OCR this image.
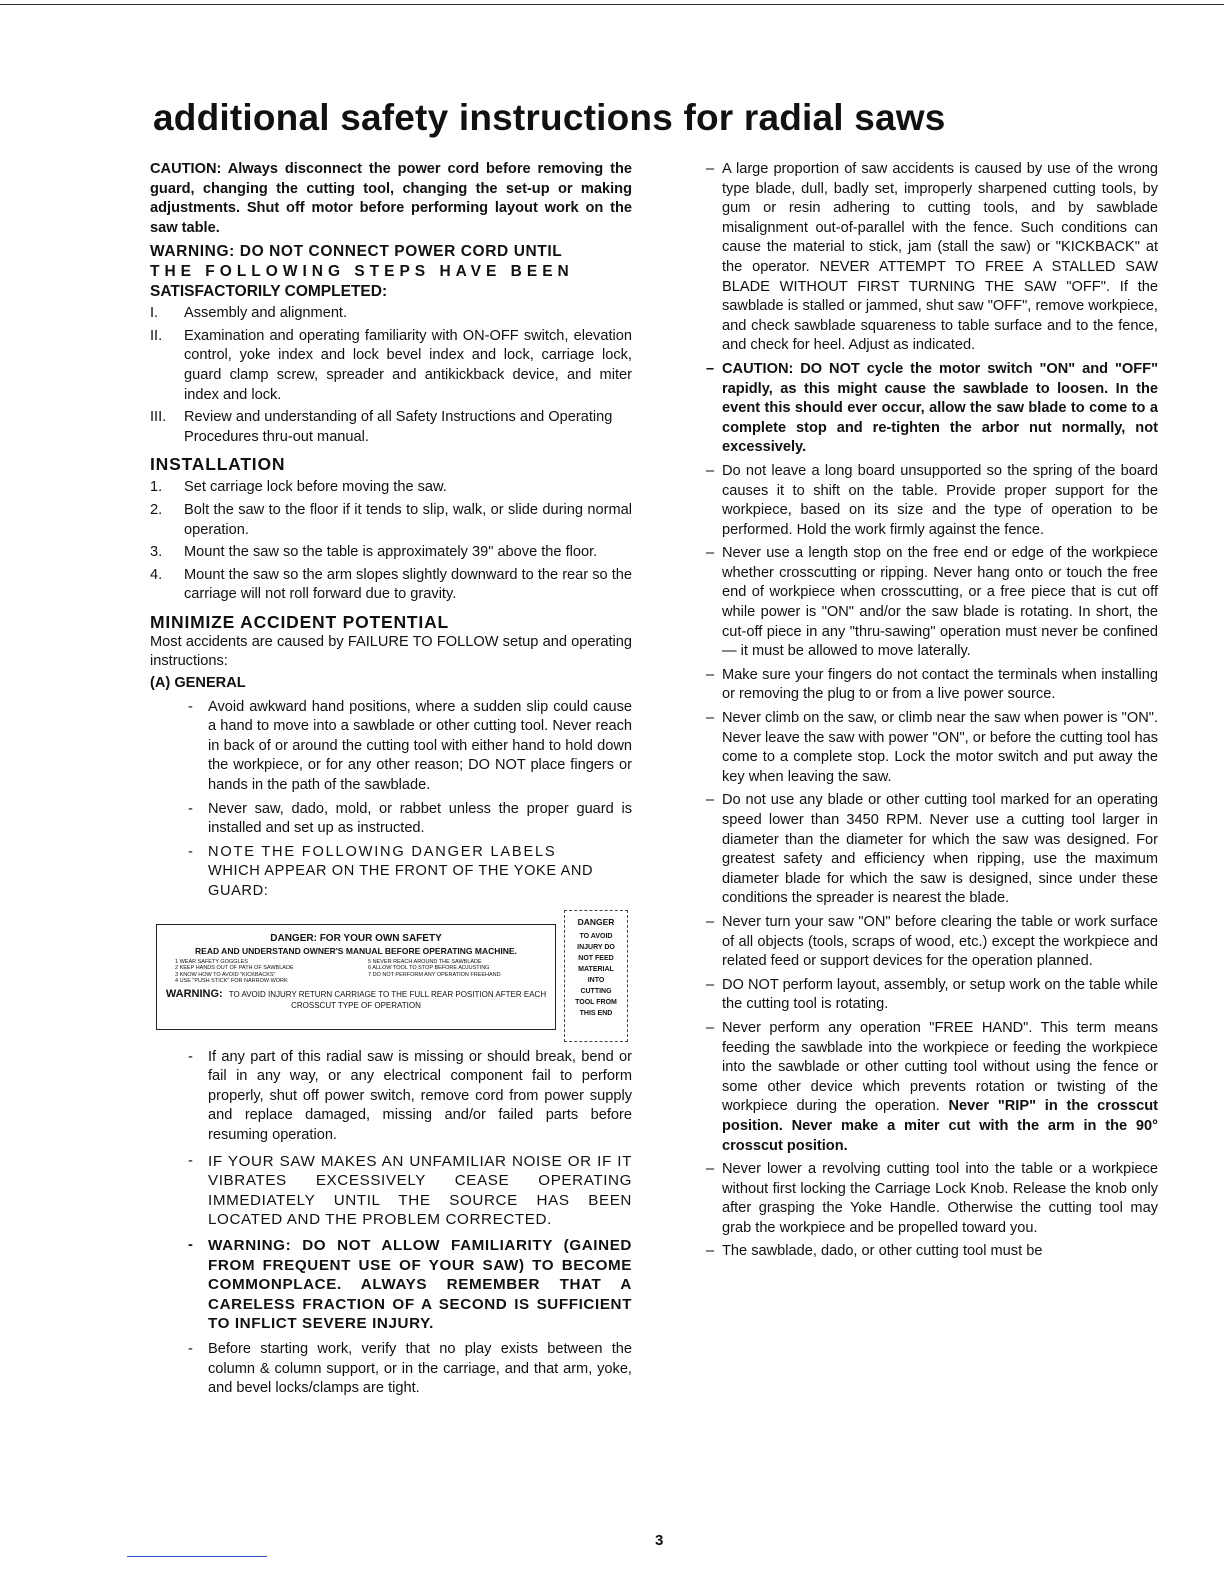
additional safety instructions for radial saws

CAUTION: Always disconnect the power cord before removing the guard, changing the cutting tool, changing the set-up or making adjustments. Shut off motor before performing layout work on the saw table.

WARNING: DO NOT CONNECT POWER CORD UNTIL

THE FOLLOWING STEPS HAVE BEEN

SATISFACTORILY COMPLETED:

I.	Assembly and alignment.
II.	Examination and operating familiarity with ON-OFF switch, elevation control, yoke index and lock bevel index and lock, carriage lock, guard clamp screw, spreader and antikickback device, and miter index and lock.
III.	Review and understanding of all Safety Instructions and Operating Procedures thru-out manual.

INSTALLATION

1.	Set carriage lock before moving the saw.
2.	Bolt the saw to the floor if it tends to slip, walk, or slide during normal operation.
3.	Mount the saw so the table is approximately 39" above the floor.
4.	Mount the saw so the arm slopes slightly downward to the rear so the carriage will not roll forward due to gravity.

MINIMIZE ACCIDENT POTENTIAL

Most accidents are caused by FAILURE TO FOLLOW setup and operating instructions:

(A) GENERAL

-	Avoid awkward hand positions, where a sudden slip could cause a hand to move into a sawblade or other cutting tool. Never reach in back of or around the cutting tool with either hand to hold down the workpiece, or for any other reason; DO NOT place fingers or hands in the path of the sawblade.
-	Never saw, dado, mold, or rabbet unless the proper guard is installed and set up as instructed.
-	NOTE THE FOLLOWING DANGER LABELS
WHICH APPEAR ON THE FRONT OF THE YOKE AND GUARD:
DANGER: FOR YOUR OWN SAFETY
READ AND UNDERSTAND OWNER'S MANUAL BEFORE OPERATING MACHINE.
1 WEAR SAFETY GOGGLES
2 KEEP HANDS OUT OF PATH OF SAWBLADE
3 KNOW HOW TO AVOID "KICKBACKS"
4 USE "PUSH STICK" FOR NARROW WORK
5 NEVER REACH AROUND THE SAWBLADE
6 ALLOW TOOL TO STOP BEFORE ADJUSTING
7 DO NOT PERFORM ANY OPERATION FREEHAND
WARNING: TO AVOID INJURY RETURN CARRIAGE TO THE FULL REAR POSITION AFTER EACH CROSSCUT TYPE OF OPERATION
DANGER
TO AVOID
INJURY DO
NOT FEED
MATERIAL
INTO
CUTTING
TOOL FROM
THIS END
-	If any part of this radial saw is missing or should break, bend or fail in any way, or any electrical component fail to perform properly, shut off power switch, remove cord from power supply and replace damaged, missing and/or failed parts before resuming operation.
- IF YOUR SAW MAKES AN UNFAMILIAR NOISE OR IF IT VIBRATES EXCESSIVELY CEASE OPERATING IMMEDIATELY UNTIL THE SOURCE HAS BEEN LOCATED AND THE PROBLEM CORRECTED.
- WARNING: DO NOT ALLOW FAMILIARITY (GAINED FROM FREQUENT USE OF YOUR SAW) TO BECOME COMMONPLACE. ALWAYS REMEMBER THAT A CARELESS FRACTION OF A SECOND IS SUFFICIENT TO INFLICT SEVERE INJURY.
-	Before starting work, verify that no play exists between the column & column support, or in the carriage, and that arm, yoke, and bevel locks/clamps are tight.
– A large proportion of saw accidents is caused by use of the wrong type blade, dull, badly set, improperly sharpened cutting tools, by gum or resin adhering to cutting tools, and by sawblade misalignment out-of-parallel with the fence. Such conditions can cause the material to stick, jam (stall the saw) or "KICKBACK" at the operator. NEVER ATTEMPT TO FREE A STALLED SAW BLADE WITHOUT FIRST TURNING THE SAW "OFF". If the sawblade is stalled or jammed, shut saw "OFF", remove workpiece, and check sawblade squareness to table surface and to the fence, and check for heel. Adjust as indicated.
– CAUTION: DO NOT cycle the motor switch "ON" and "OFF" rapidly, as this might cause the sawblade to loosen. In the event this should ever occur, allow the saw blade to come to a complete stop and re-tighten the arbor nut normally, not excessively.
– Do not leave a long board unsupported so the spring of the board causes it to shift on the table. Provide proper support for the workpiece, based on its size and the type of operation to be performed. Hold the work firmly against the fence.
– Never use a length stop on the free end or edge of the workpiece whether crosscutting or ripping. Never hang onto or touch the free end of workpiece when crosscutting, or a free piece that is cut off while power is "ON" and/or the saw blade is rotating. In short, the cut-off piece in any "thru-sawing" operation must never be confined — it must be allowed to move laterally.
– Make sure your fingers do not contact the terminals when installing or removing the plug to or from a live power source.
– Never climb on the saw, or climb near the saw when power is "ON". Never leave the saw with power "ON", or before the cutting tool has come to a complete stop. Lock the motor switch and put away the key when leaving the saw.
– Do not use any blade or other cutting tool marked for an operating speed lower than 3450 RPM. Never use a cutting tool larger in diameter than the diameter for which the saw was designed. For greatest safety and efficiency when ripping, use the maximum diameter blade for which the saw is designed, since under these conditions the spreader is nearest the blade.
– Never turn your saw "ON" before clearing the table or work surface of all objects (tools, scraps of wood, etc.) except the workpiece and related feed or support devices for the operation planned.
– DO NOT perform layout, assembly, or setup work on the table while the cutting tool is rotating.
– Never perform any operation "FREE HAND". This term means feeding the sawblade into the workpiece or feeding the workpiece into the sawblade or other cutting tool without using the fence or some other device which prevents rotation or twisting of the workpiece during the operation. Never "RIP" in the crosscut position. Never make a miter cut with the arm in the 90° crosscut position.
– Never lower a revolving cutting tool into the table or a workpiece without first locking the Carriage Lock Knob. Release the knob only after grasping the Yoke Handle. Otherwise the cutting tool may grab the workpiece and be propelled toward you.
– The sawblade, dado, or other cutting tool must be
3
